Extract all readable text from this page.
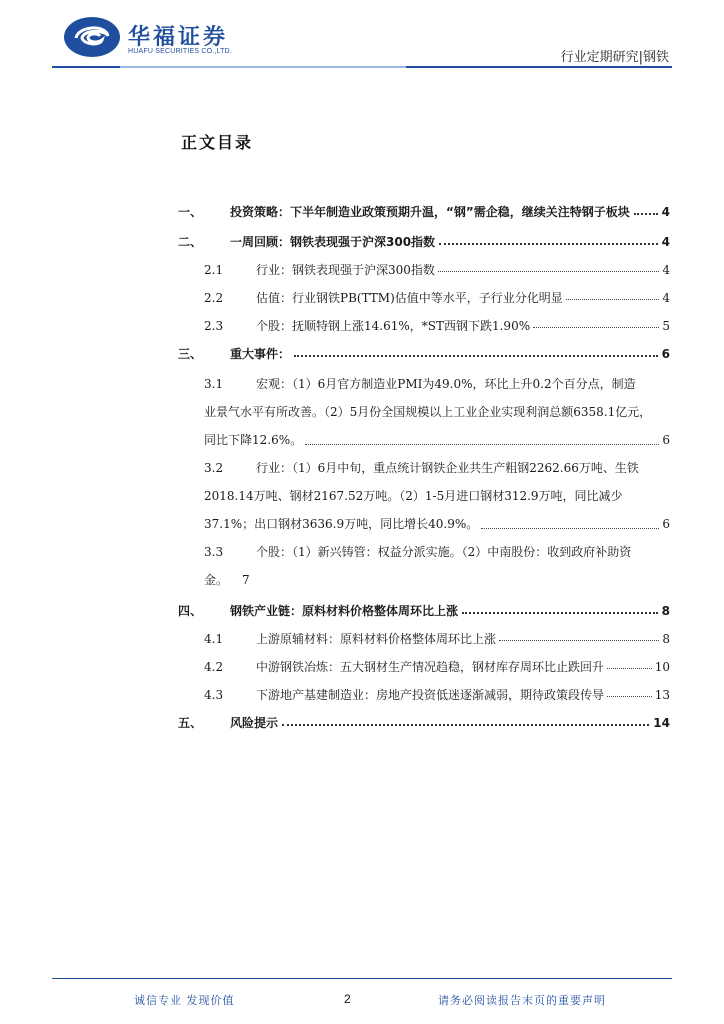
华福证券
HUAFU SECURITIES CO.,LTD.	行业定期研究|钢铁
正文目录
一、 投资策略：下半年制造业政策预期升温，“钢”需企稳，继续关注特钢子板块	4
二、 一周回顾：钢铁表现强于沪深300指数	4
2.1	行业：钢铁表现强于沪深300指数	4
2.2	估值：行业钢铁PB(TTM)估值中等水平，子行业分化明显	4
2.3	个股：抚顺特钢上涨14.61%，*ST西钢下跌1.90%	5
三、 重大事件：	6
3.1	宏观：（1）6月官方制造业PMI为49.0%，环比上升0.2个百分点，制造
业景气水平有所改善。（2）5月份全国规模以上工业企业实现利润总额6358.1亿元，
同比下降12.6%。	6
3.2	行业：（1）6月中旬，重点统计钢铁企业共生产粗钢2262.66万吨、生铁
2018.14万吨、钢材2167.52万吨。（2）1-5月进口钢材312.9万吨，同比减少
37.1%；出口钢材3636.9万吨，同比增长40.9%。	6
3.3	个股：（1）新兴铸管：权益分派实施。（2）中南股份：收到政府补助资
金。 7
四、 钢铁产业链：原料材料价格整体周环比上涨	8
4.1	上游原辅材料：原料材料价格整体周环比上涨	8
4.2	中游钢铁冶炼：五大钢材生产情况趋稳，钢材库存周环比止跌回升	10
4.3	下游地产基建制造业：房地产投资低迷逐渐减弱，期待政策段传导	13
五、 风险提示	14
诚信专业 发现价值	2	请务必阅读报告末页的重要声明
